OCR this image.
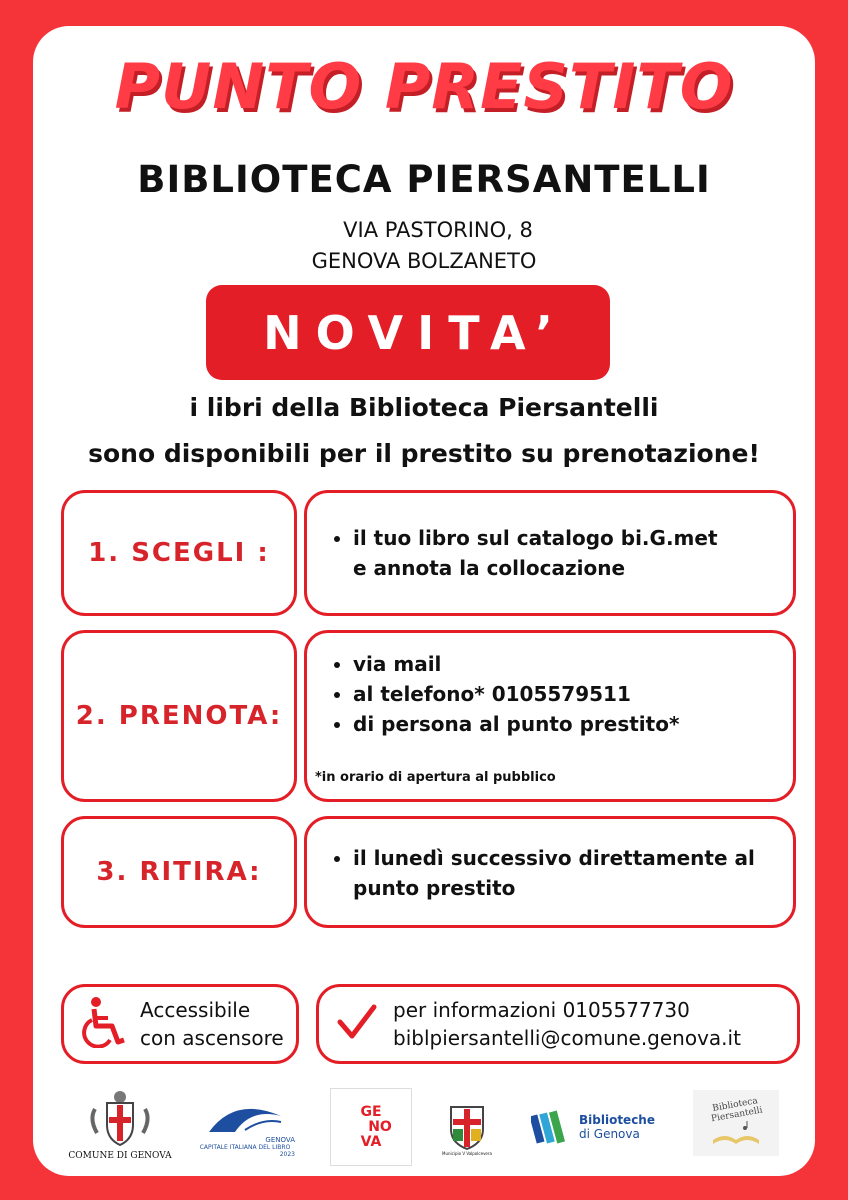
PUNTO PRESTITO
BIBLIOTECA PIERSANTELLI
VIA PASTORINO, 8
GENOVA BOLZANETO
NOVITA’
i libri della Biblioteca Piersantelli
sono disponibili per il prestito su prenotazione!
1. SCEGLI :	• il tuo libro sul catalogo bi.G.met
e annota la collocazione
2. PRENOTA:
• via mail
• al telefono* 0105579511
• di persona al punto prestito*
*in orario di apertura al pubblico
3. RITIRA:	• il lunedì successivo direttamente al punto prestito
Accessibile
con ascensore
per informazioni 0105577730
biblpiersantelli@comune.genova.it
COMUNE DI GENOVA
GENOVA
CAPITALE ITALIANA DEL LIBRO
2023
GE
NO
VA
Municipio V Valpolcevera
Biblioteche
di Genova
Biblioteca Piersantelli
